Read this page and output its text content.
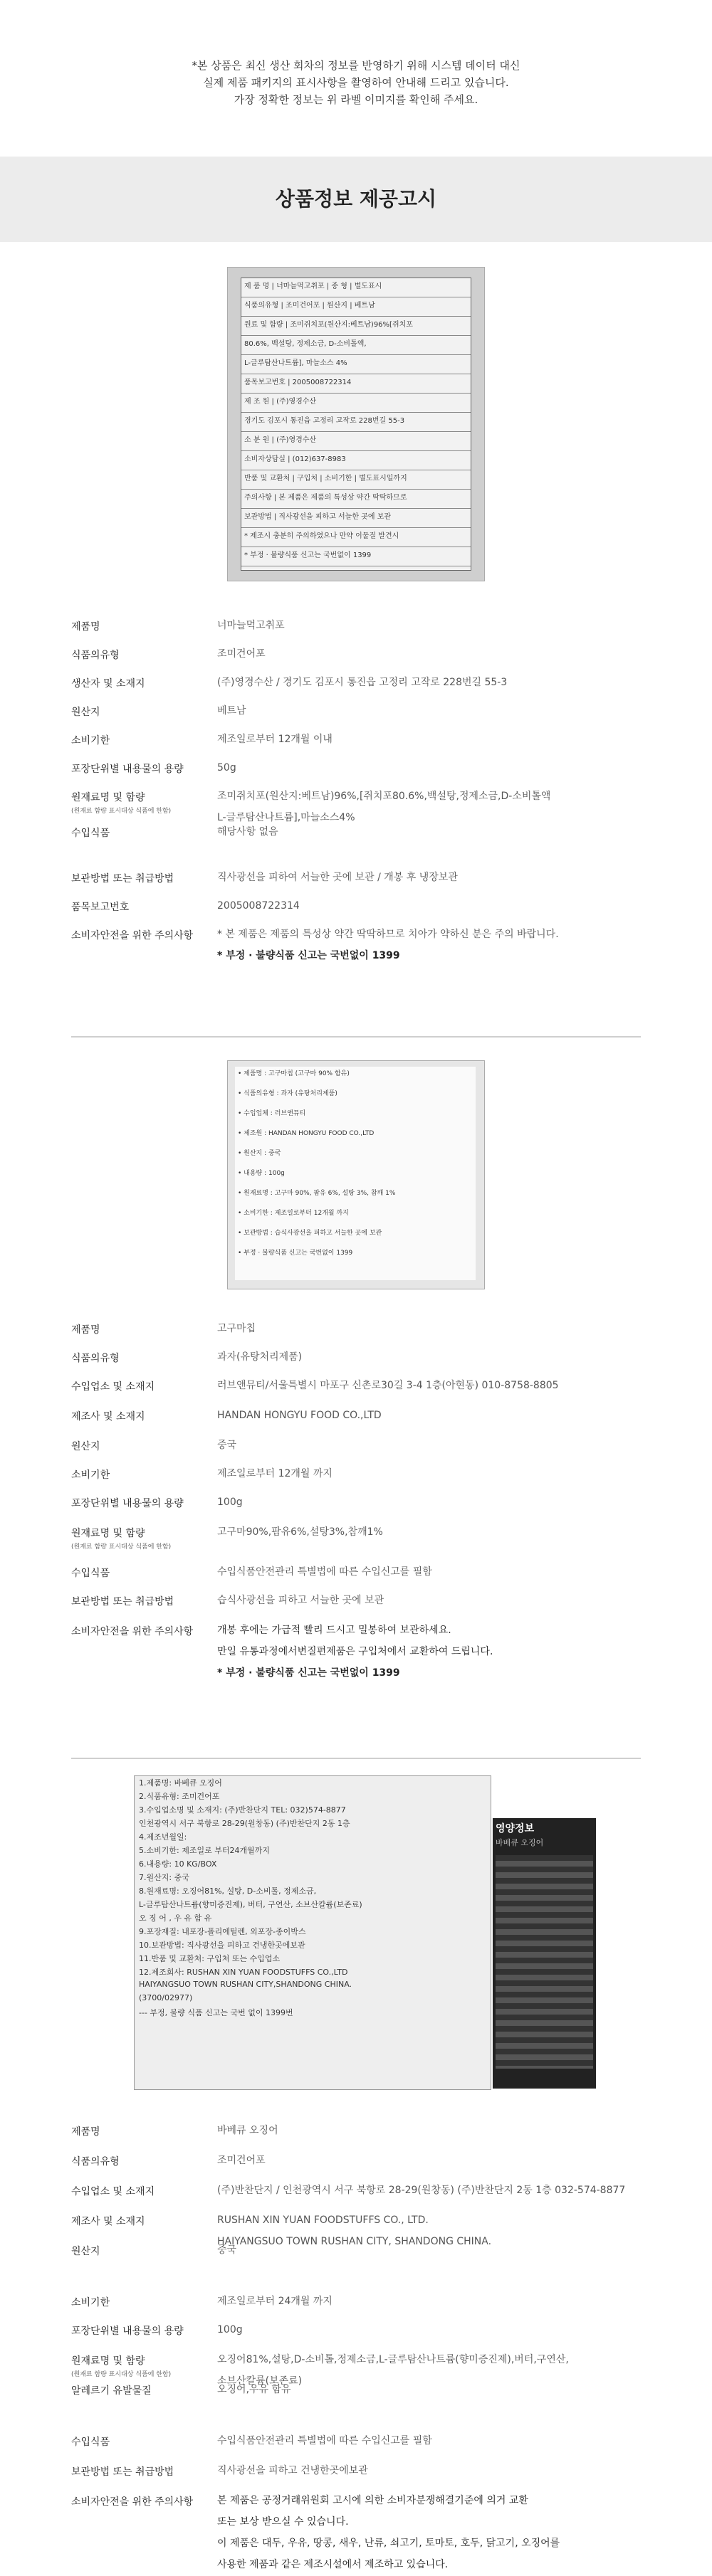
*본 상품은 최신 생산 회차의 정보를 반영하기 위해 시스템 데이터 대신
실제 제품 패키지의 표시사항을 촬영하여 안내해 드리고 있습니다.
가장 정확한 정보는 위 라벨 이미지를 확인해 주세요.
상품정보 제공고시
제 품 명 | 너마늘먹고취포 | 종 형 | 별도표시
식품의유형 | 조미건어포 | 원산지 | 베트남
원료 및 함량 | 조미쥐치포(원산지:베트남)96%[쥐치포
80.6%, 백설탕, 정제소금, D-소비톨액,
L-글루탐산나트륨], 마늘소스 4%
품목보고번호 | 2005008722314
제 조 원 | (주)영경수산
경기도 김포시 통진읍 고정리 고작로 228번길 55-3
소 분 원 | (주)영경수산
소비자상담실 | (012)637-8983
반품 및 교환처 | 구입처 | 소비기한 | 별도표시일까지
주의사항 | 본 제품은 제품의 특성상 약간 딱딱하므로
보관방법 | 직사광선을 피하고 서늘한 곳에 보관
* 제조시 충분히 주의하였으나 만약 이물질 발견시
* 부정 · 불량식품 신고는 국번없이 1399
제품명	너마늘먹고취포
식품의유형	조미건어포
생산자 및 소재지	(주)영경수산 / 경기도 김포시 통진읍 고정리 고작로 228번길 55-3
원산지	베트남
소비기한	제조일로부터 12개월 이내
포장단위별 내용물의 용량	50g
원재료명 및 함량
(원재료 함량 표시대상 식품에 한함)
조미쥐치포(원산지:베트남)96%,[쥐치포80.6%,백설탕,정제소금,D-소비톨액
L-글루탐산나트륨],마늘소스4%
수입식품	해당사항 없음
보관방법 또는 취급방법	직사광선을 피하여 서늘한 곳에 보관 / 개봉 후 냉장보관
품목보고번호	2005008722314
소비자안전을 위한 주의사항	* 본 제품은 제품의 특성상 약간 딱딱하므로 치아가 약하신 분은 주의 바랍니다.
* 부정 · 불량식품 신고는 국번없이 1399
• 제품명 : 고구마칩 (고구마 90% 함유)
• 식품의유형 : 과자 (유탕처리제품)
• 수입업체 : 러브앤뮤티
• 제조원 : HANDAN HONGYU FOOD CO.,LTD
• 원산지 : 중국
• 내용량 : 100g
• 원재료명 : 고구마 90%, 팜유 6%, 설탕 3%, 참깨 1%
• 소비기한 : 제조일로부터 12개월 까지
• 보관방법 : 습식사광선을 피하고 서늘한 곳에 보관
• 부정 · 불량식품 신고는 국번없이 1399
제품명	고구마칩
식품의유형	과자(유탕처리제품)
수입업소 및 소재지	러브앤뮤티/서울특별시 마포구 신촌로30길 3-4 1층(아현동) 010-8758-8805
제조사 및 소재지	HANDAN HONGYU FOOD CO.,LTD
원산지	중국
소비기한	제조일로부터 12개월 까지
포장단위별 내용물의 용량	100g
원재료명 및 함량
(원재료 함량 표시대상 식품에 한함)
고구마90%,팜유6%,설탕3%,참깨1%
수입식품	수입식품안전관리 특별법에 따른 수입신고를 필함
보관방법 또는 취급방법	습식사광선을 피하고 서늘한 곳에 보관
소비자안전을 위한 주의사항	개봉 후에는 가급적 빨리 드시고 밀봉하여 보관하세요.
만일 유통과정에서변질편제품은 구입처에서 교환하여 드립니다.
* 부정 · 불량식품 신고는 국번없이 1399
1.제품명: 바베큐 오징어
2.식품유형: 조미건어포
3.수입업소명 및 소재지: (주)반찬단지 TEL: 032)574-8877
인천광역시 서구 북항로 28-29(원창동) (주)반찬단지 2동 1층
4.제조년월일:
5.소비기한: 제조일로 부터24개월까지
6.내용량: 10 KG/BOX
7.원산지: 중국
8.원재료명: 오징어81%, 설탕, D-소비톨, 정제소금,
L-글루탐산나트륨(향미증진제), 버터, 구연산, 소브산칼륨(보존료)
오 징 어 , 우 유 함 유
9.포장재질: 내포장-폴리에틸렌, 외포장-종이박스
10.보관방법: 직사광선을 피하고 건냉한곳에보관
11.반품 및 교환처: 구입처 또는 수입업소
12.제조회사: RUSHAN XIN YUAN FOODSTUFFS CO.,LTD
HAIYANGSUO TOWN RUSHAN CITY,SHANDONG CHINA.
(3700/02977)
--- 부정, 불량 식품 신고는 국번 없이 1399번
영양정보
바베큐 오징어
제품명	바베큐 오징어
식품의유형	조미건어포
수입업소 및 소재지	(주)반찬단지 / 인천광역시 서구 북항로 28-29(원창동) (주)반찬단지 2동 1층 032-574-8877
제조사 및 소재지	RUSHAN XIN YUAN FOODSTUFFS CO., LTD.
HAIYANGSUO TOWN RUSHAN CITY, SHANDONG CHINA.
원산지	중국
소비기한	제조일로부터 24개월 까지
포장단위별 내용물의 용량	100g
원재료명 및 함량
(원재료 함량 표시대상 식품에 한함)
오징어81%,설탕,D-소비톨,정제소금,L-글루탐산나트륨(향미증진제),버터,구연산,
소브산칼륨(보존료)
알레르기 유발물질	오징어,우유 함유
수입식품	수입식품안전관리 특별법에 따른 수입신고를 필함
보관방법 또는 취급방법	직사광선을 피하고 건냉한곳에보관
소비자안전을 위한 주의사항	본 제품은 공정거래위원회 고시에 의한 소비자분쟁해결기준에 의거 교환
또는 보상 받으실 수 있습니다.
이 제품은 대두, 우유, 땅콩, 새우, 난류, 쇠고기, 토마토, 호두, 닭고기, 오징어를
사용한 제품과 같은 제조시설에서 제조하고 있습니다.
